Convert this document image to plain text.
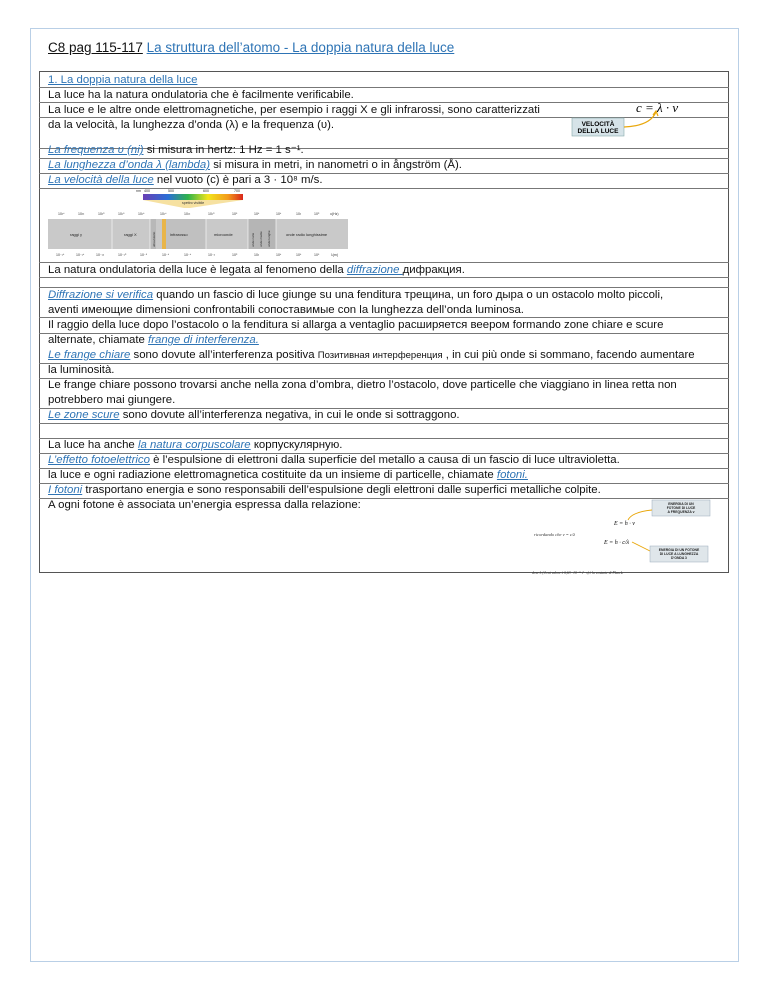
C8 pag 115-117 La struttura dell’atomo - La doppia natura della luce
1. La doppia natura della luce
La luce ha la natura ondulatoria che è facilmente verificabile.
La luce e le altre onde elettromagnetiche, per esempio i raggi X e gli infrarossi, sono caratterizzati
da la velocità, la lunghezza d’onda (λ) e la frequenza (υ).
c = λ · v
VELOCITÀ
DELLA LUCE
La frequenza υ (ni) si misura in hertz: 1 Hz = 1 s⁻¹.
La lunghezza d’onda λ (lambda) si misura in metri, in nanometri o in ångström (Å).
La velocità della luce nel vuoto (c) è pari a 3 · 10⁸ m/s.
nm 400	500	600	700
spettro visibile
10²⁴	10²²	10²⁰	10¹⁸	10¹⁶	10¹⁴	10¹²	10¹⁰	10⁸	10⁶	10⁴	10²	10⁰	υ(Hz)
raggi γ	raggi X	ultravioletto	infrarosso	microonde	onde corte onde medie onde lunghe	onde radio lunghissime
10⁻¹⁶	10⁻¹⁴	10⁻¹²	10⁻¹⁰	10⁻⁸	10⁻⁶	10⁻⁴	10⁻²	10⁰	10²	10⁴	10⁶	10⁸	λ(m)
La natura ondulatoria della luce è legata al fenomeno della diffrazione дифракция.
Diffrazione si verifica quando un fascio di luce giunge su una fenditura трещина, un foro дыра o un ostacolo molto piccoli,
aventi имеющие dimensioni confrontabili сопоставимые con la lunghezza dell’onda luminosa.
Il raggio della luce dopo l’ostacolo o la fenditura si allarga a ventaglio расширяется веером formando zone chiare e scure
alternate, chiamate frange di interferenza.
Le frange chiare sono dovute all’interferenza positiva Позитивная интерференция , in cui più onde si sommano, facendo aumentare
la luminosità.
Le frange chiare possono trovarsi anche nella zona d’ombra, dietro l’ostacolo, dove particelle che viaggiano in linea retta non
potrebbero mai giungere.
Le zone scure sono dovute all’interferenza negativa, in cui le onde si sottraggono.
La luce ha anche la natura corpuscolare корпускулярную.
L’effetto fotoelettrico è l’espulsione di elettroni dalla superficie del metallo a causa di un fascio di luce ultravioletta.
la luce e ogni radiazione elettromagnetica costituite da un insieme di particelle, chiamate fotoni.
I fotoni trasportano energia e sono responsabili dell’espulsione degli elettroni dalle superfici metalliche colpite.
A ogni fotone è associata un’energia espressa dalla relazione:	ENERGIA DI UN
FOTONE DI LUCE
A FREQUENZA ν
E = h · ν
ricordando che ν = c/λ
E = h · c/λ
ENERGIA DI UN FOTONE
DI LUCE A LUNGHEZZA
D’ONDA λ
dove h (il cui valore è 6,63 · 10⁻³⁴ J · s) è la costante di Planck.
